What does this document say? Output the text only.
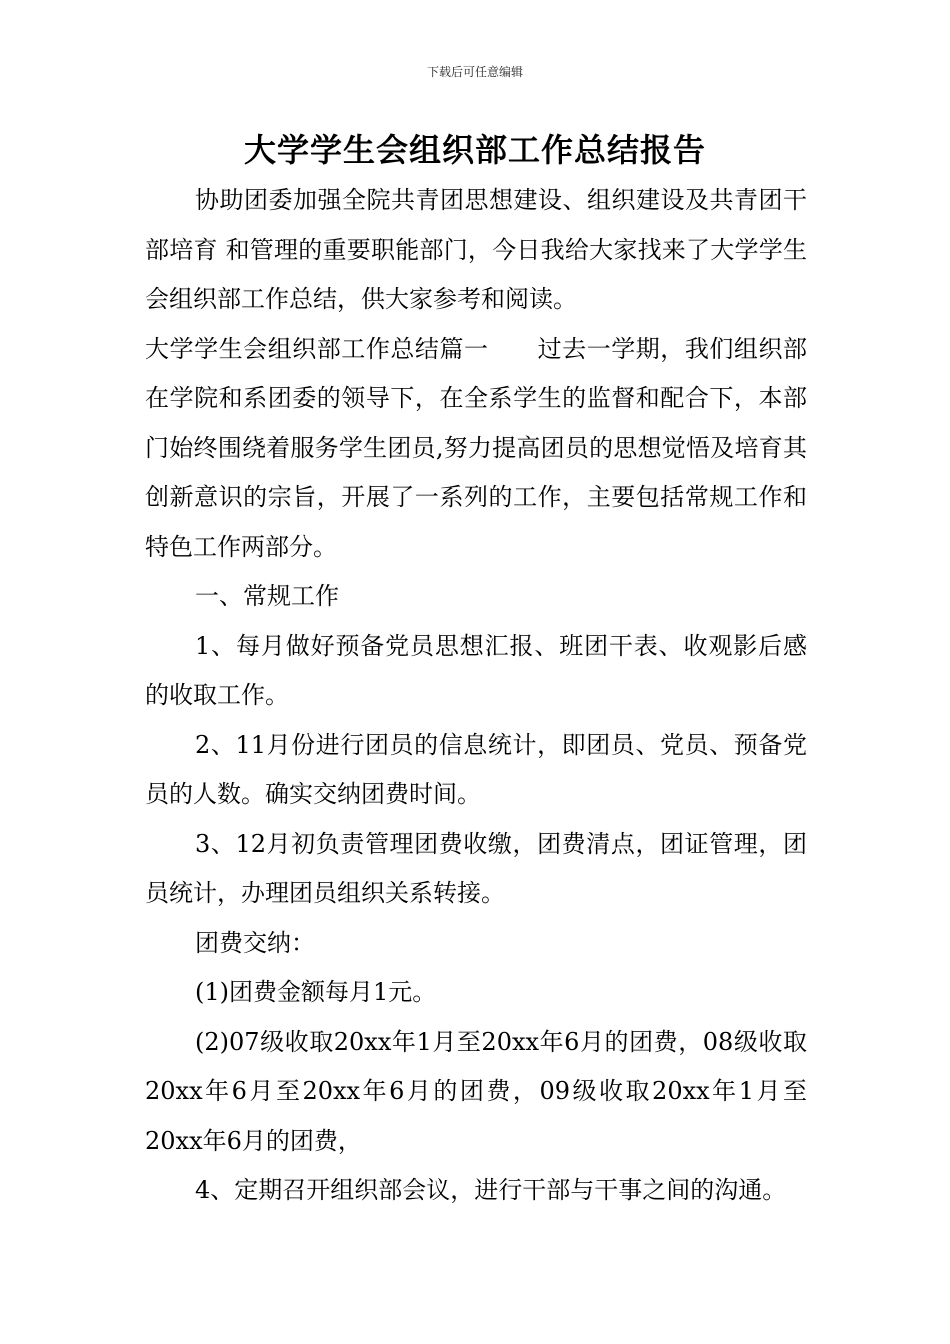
下载后可任意编辑
大学学生会组织部工作总结报告

协助团委加强全院共青团思想建设、组织建设及共青团干部培育 和管理的重要职能部门，今日我给大家找来了大学学生会组织部工作总结，供大家参考和阅读。

大学学生会组织部工作总结篇一　　过去一学期，我们组织部在学院和系团委的领导下，在全系学生的监督和配合下，本部门始终围绕着服务学生团员,努力提高团员的思想觉悟及培育其创新意识的宗旨，开展了一系列的工作，主要包括常规工作和特色工作两部分。

一、常规工作

1、每月做好预备党员思想汇报、班团干表、收观影后感的收取工作。

2、11月份进行团员的信息统计，即团员、党员、预备党员的人数。确实交纳团费时间。

3、12月初负责管理团费收缴，团费清点，团证管理，团员统计，办理团员组织关系转接。

团费交纳：

(1)团费金额每月1元。

(2)07级收取20xx年1月至20xx年6月的团费，08级收取20xx年6月至20xx年6月的团费，09级收取20xx年1月至20xx年6月的团费，

4、定期召开组织部会议，进行干部与干事之间的沟通。
